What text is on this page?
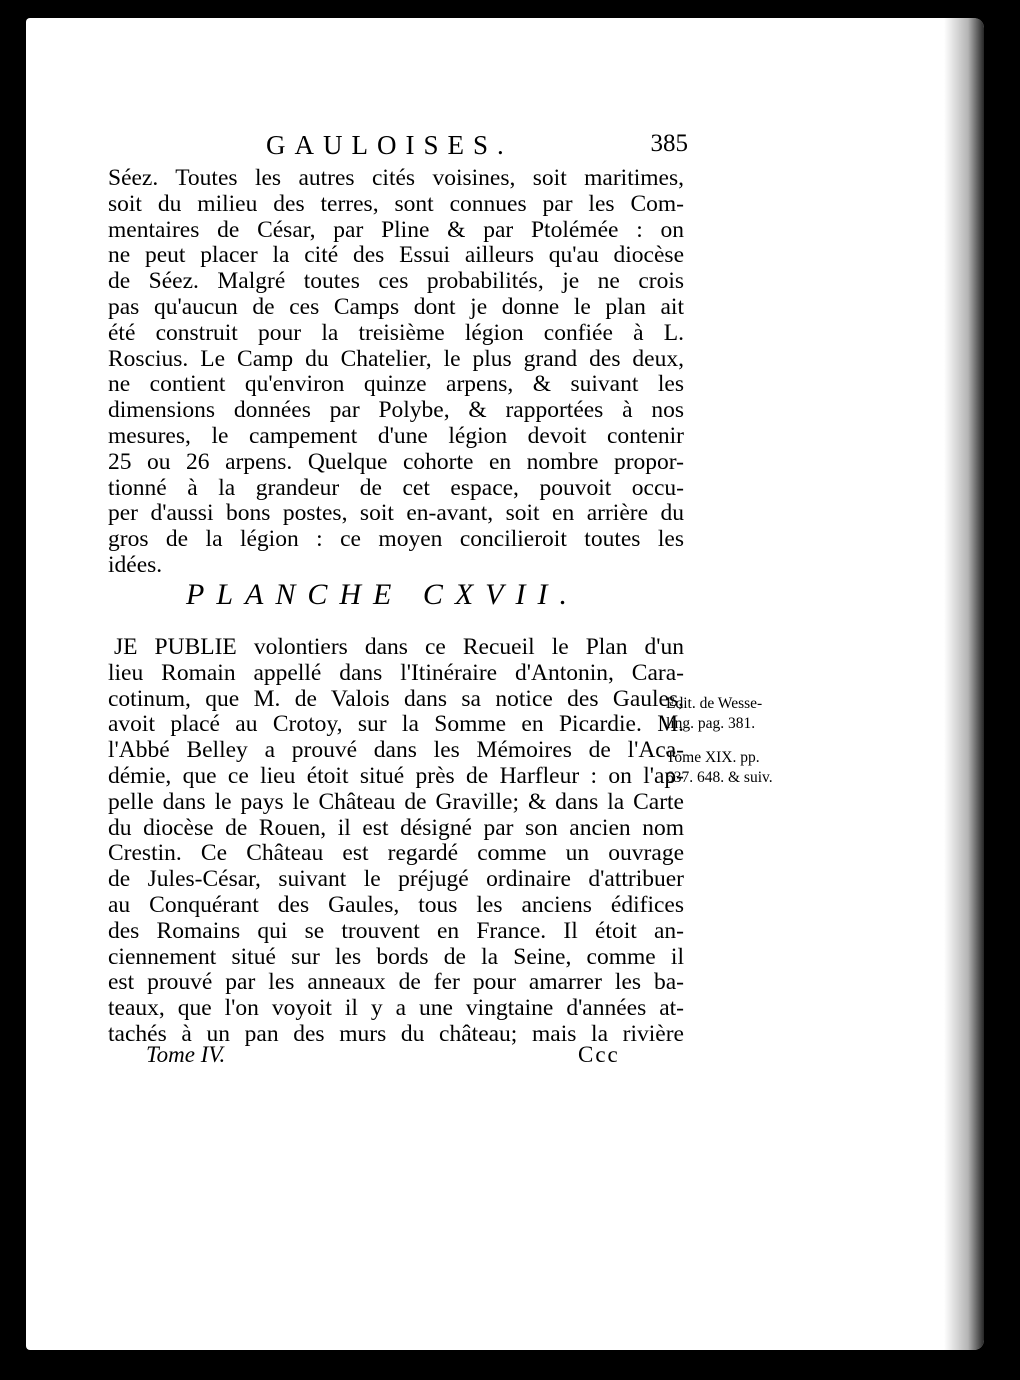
GAULOISES.	385
Séez. Toutes les autres cités voisines, soit maritimes,
soit du milieu des terres, sont connues par les Com-
mentaires de César, par Pline & par Ptolémée : on
ne peut placer la cité des Essui ailleurs qu'au diocèse
de Séez. Malgré toutes ces probabilités, je ne crois
pas qu'aucun de ces Camps dont je donne le plan ait
été construit pour la treisième légion confiée à L.
Roscius. Le Camp du Chatelier, le plus grand des deux,
ne contient qu'environ quinze arpens, & suivant les
dimensions données par Polybe, & rapportées à nos
mesures, le campement d'une légion devoit contenir
25 ou 26 arpens. Quelque cohorte en nombre propor-
tionné à la grandeur de cet espace, pouvoit occu-
per d'aussi bons postes, soit en-avant, soit en arrière du
gros de la légion : ce moyen concilieroit toutes les
idées.
PLANCHE CXVII.
JE PUBLIE volontiers dans ce Recueil le Plan d'un
lieu Romain appellé dans l'Itinéraire d'Antonin, Cara-
cotinum, que M. de Valois dans sa notice des Gaules,
avoit placé au Crotoy, sur la Somme en Picardie. M.
l'Abbé Belley a prouvé dans les Mémoires de l'Aca-
démie, que ce lieu étoit situé près de Harfleur : on l'ap-
pelle dans le pays le Château de Graville; & dans la Carte
du diocèse de Rouen, il est désigné par son ancien nom
Crestin. Ce Château est regardé comme un ouvrage
de Jules-César, suivant le préjugé ordinaire d'attribuer
au Conquérant des Gaules, tous les anciens édifices
des Romains qui se trouvent en France. Il étoit an-
ciennement situé sur les bords de la Seine, comme il
est prouvé par les anneaux de fer pour amarrer les ba-
teaux, que l'on voyoit il y a une vingtaine d'années at-
tachés à un pan des murs du château; mais la rivière
Edit. de Wesse-
ling. pag. 381.
Tome XIX. pp.
637. 648. & suiv.
Tome IV.	Ccc
